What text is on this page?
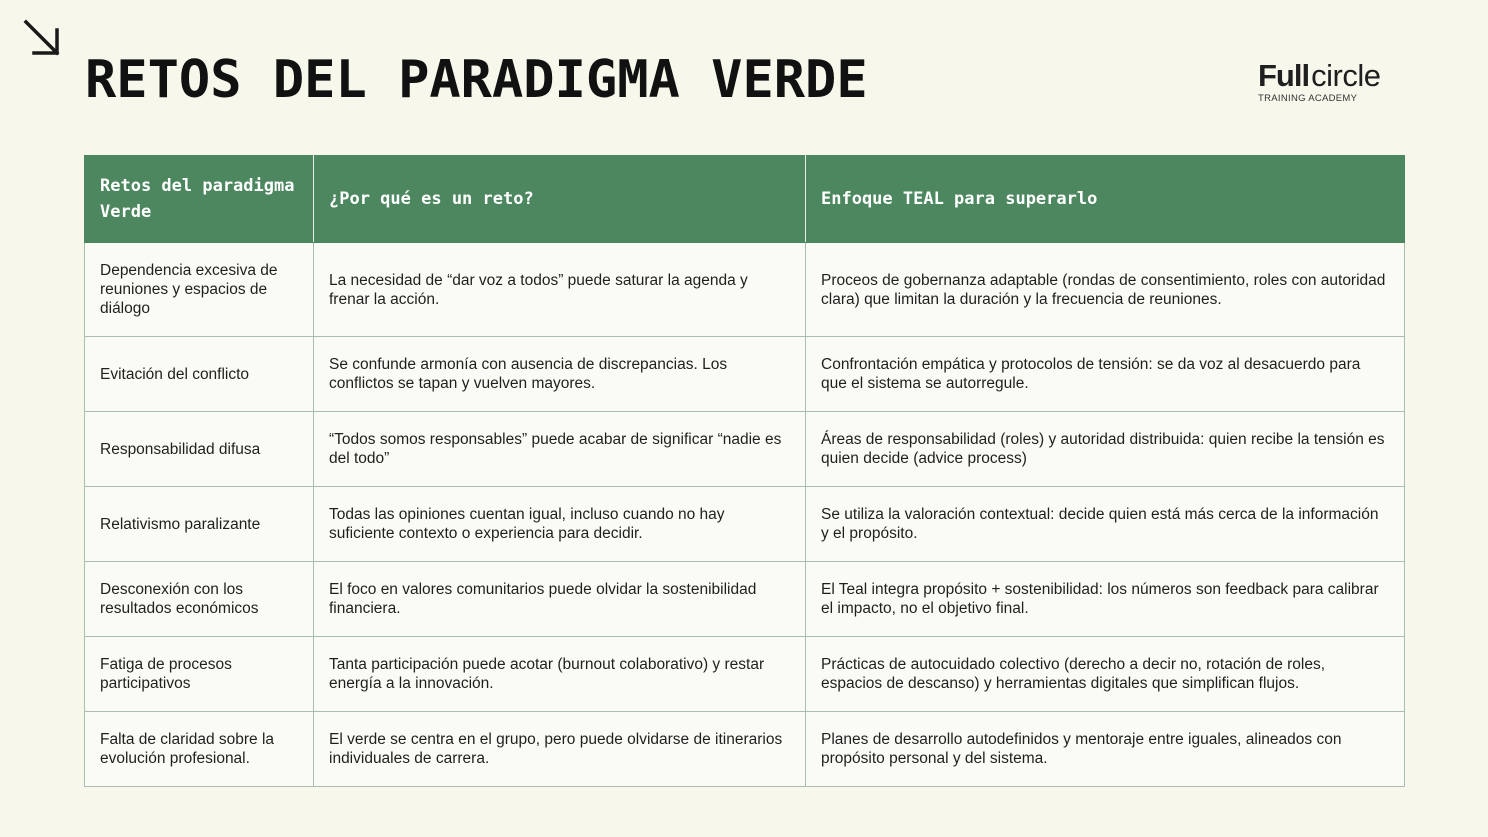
RETOS DEL PARADIGMA VERDE	Full circle
TRAINING ACADEMY
Retos del paradigma Verde	¿Por qué es un reto?	Enfoque TEAL para superarlo
Dependencia excesiva de reuniones y espacios de diálogo	La necesidad de “dar voz a todos” puede saturar la agenda y frenar la acción.	Proceos de gobernanza adaptable (rondas de consentimiento, roles con autoridad clara) que limitan la duración y la frecuencia de reuniones.
Evitación del conflicto	Se confunde armonía con ausencia de discrepancias. Los conflictos se tapan y vuelven mayores.	Confrontación empática y protocolos de tensión: se da voz al desacuerdo para que el sistema se autorregule.
Responsabilidad difusa	“Todos somos responsables” puede acabar de significar “nadie es del todo”	Áreas de responsabilidad (roles) y autoridad distribuida: quien recibe la tensión es quien decide (advice process)
Relativismo paralizante	Todas las opiniones cuentan igual, incluso cuando no hay suficiente contexto o experiencia para decidir.	Se utiliza la valoración contextual: decide quien está más cerca de la información y el propósito.
Desconexión con los resultados económicos	El foco en valores comunitarios puede olvidar la sostenibilidad financiera.	El Teal integra propósito + sostenibilidad: los números son feedback para calibrar el impacto, no el objetivo final.
Fatiga de procesos participativos	Tanta participación puede acotar (burnout colaborativo) y restar energía a la innovación.	Prácticas de autocuidado colectivo (derecho a decir no, rotación de roles, espacios de descanso) y herramientas digitales que simplifican flujos.
Falta de claridad sobre la evolución profesional.	El verde se centra en el grupo, pero puede olvidarse de itinerarios individuales de carrera.	Planes de desarrollo autodefinidos y mentoraje entre iguales, alineados con propósito personal y del sistema.
